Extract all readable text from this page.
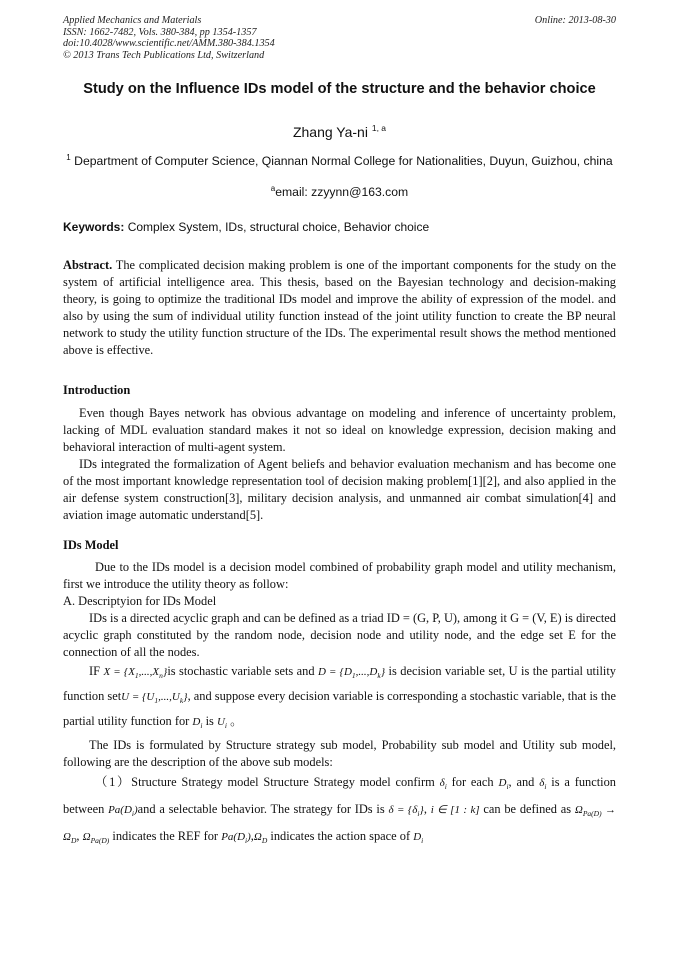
Applied Mechanics and Materials
ISSN: 1662-7482, Vols. 380-384, pp 1354-1357
doi:10.4028/www.scientific.net/AMM.380-384.1354
© 2013 Trans Tech Publications Ltd, Switzerland
Online: 2013-08-30
Study on the Influence IDs model of the structure and the behavior choice
Zhang Ya-ni $^{1, a}$
$^1$ Department of Computer Science, Qiannan Normal College for Nationalities, Duyun, Guizhou, china
$^a$email: zzyynn@163.com
Keywords: Complex System, IDs, structural choice, Behavior choice
Abstract. The complicated decision making problem is one of the important components for the study on the system of artificial intelligence area. This thesis, based on the Bayesian technology and decision-making theory, is going to optimize the traditional IDs model and improve the ability of expression of the model. and also by using the sum of individual utility function instead of the joint utility function to create the BP neural network to study the utility function structure of the IDs. The experimental result shows the method mentioned above is effective.
Introduction

Even though Bayes network has obvious advantage on modeling and inference of uncertainty problem, lacking of MDL evaluation standard makes it not so ideal on knowledge expression, decision making and behavioral interaction of multi-agent system.

IDs integrated the formalization of Agent beliefs and behavior evaluation mechanism and has become one of the most important knowledge representation tool of decision making problem[1][2], and also applied in the air defense system construction[3], military decision analysis, and unmanned air combat simulation[4] and aviation image automatic understand[5].

IDs Model

Due to the IDs model is a decision model combined of probability graph model and utility mechanism, first we introduce the utility theory as follow:

A. Descriptyion for IDs Model

IDs is a directed acyclic graph and can be defined as a triad ID = (G, P, U), among it G = (V, E) is directed acyclic graph constituted by the random node, decision node and utility node, and the edge set E for the connection of all the nodes.

IF $X = \{X_1,...,X_n\}is$ stochastic variable sets and $D = \{D_1,...,D_k\}$ is decision variable set, U is the partial utility function setU = $\{U_1,...,U_k\}$, and suppose every decision variable is corresponding a stochastic variable, that is the partial utility function for $D_i$ is $U_i$ 。

The IDs is formulated by Structure strategy sub model, Probability sub model and Utility sub model, following are the description of the above sub models:

（1）Structure Strategy model Structure Strategy model confirm $\delta_i$ for each $D_i$, and $\delta_i$ is a function between $Pa(D_i)and$ a selectable behavior. The strategy for IDs is $\delta = \{\delta_i\}$, i ∈ [1 : k] can be defined as $\Omega_{Pa(D)} \to \Omega_D$, $\Omega_{Pa(D)}$ indicates the REF for $Pa(D_i),\Omega_D$ indicates the action space of $D_i$
